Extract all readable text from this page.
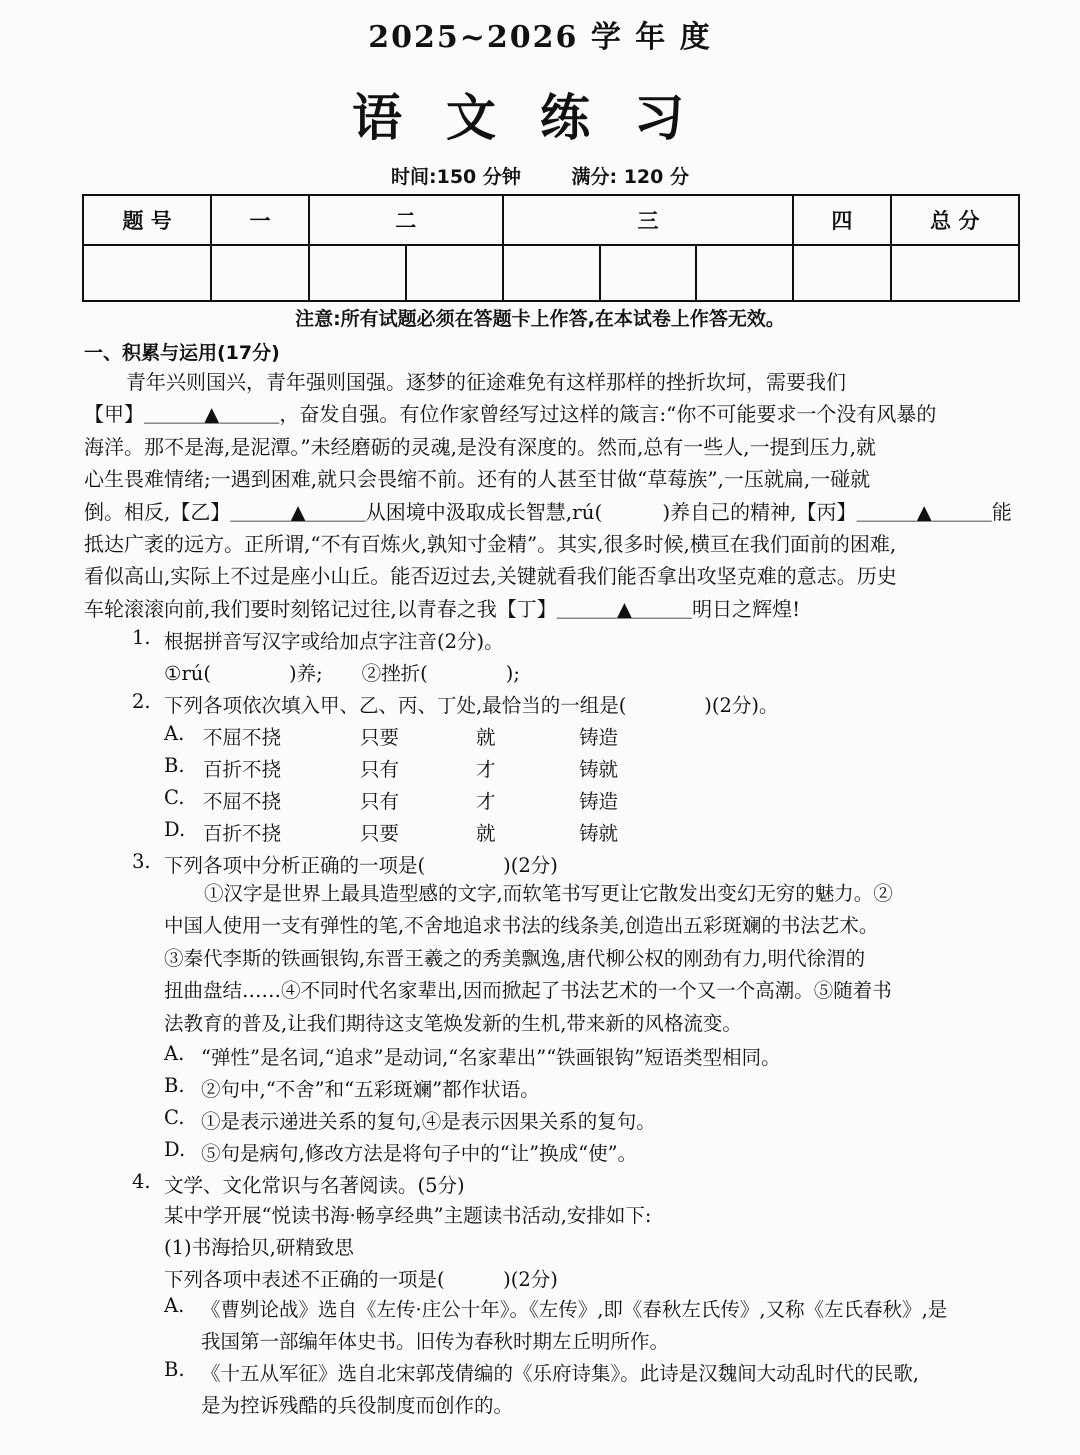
2025~2026 学 年 度
语文练习
时间:150 分钟	满分: 120 分
题 号	一	二		三			四	总 分

注意:所有试题必须在答题卡上作答,在本试卷上作答无效。
一、积累与运用(17分)
青年兴则国兴，青年强则国强。逐梦的征途难免有这样那样的挫折坎坷，需要我们
【甲】＿＿＿▲＿＿＿，奋发自强。有位作家曾经写过这样的箴言:“你不可能要求一个没有风暴的
海洋。那不是海,是泥潭。”未经磨砺的灵魂,是没有深度的。然而,总有一些人,一提到压力,就
心生畏难情绪;一遇到困难,就只会畏缩不前。还有的人甚至甘做“草莓族”,一压就扁,一碰就
倒。相反,【乙】＿＿＿▲＿＿＿从困境中汲取成长智慧,rú(　　　)养自己的精神,【丙】＿＿＿▲＿＿＿能
抵达广袤的远方。正所谓,“不有百炼火,孰知寸金精”。其实,很多时候,横亘在我们面前的困难,
看似高山,实际上不过是座小山丘。能否迈过去,关键就看我们能否拿出攻坚克难的意志。历史
车轮滚滚向前,我们要时刻铭记过往,以青春之我【丁】＿＿＿▲＿＿＿明日之辉煌!
1. 根据拼音写汉字或给加点字注音(2分)。
①rú(　　　　)养;　　②挫折(　　　　);
2. 下列各项依次填入甲、乙、丙、丁处,最恰当的一组是(　　　　)(2分)。
A. 不屈不挠	只要	就	铸造
B. 百折不挠	只有	才	铸就
C. 不屈不挠	只有	才	铸造
D. 百折不挠	只要	就	铸就
3. 下列各项中分析正确的一项是(　　　　)(2分)
①汉字是世界上最具造型感的文字,而软笔书写更让它散发出变幻无穷的魅力。②
中国人使用一支有弹性的笔,不舍地追求书法的线条美,创造出五彩斑斓的书法艺术。
③秦代李斯的铁画银钩,东晋王羲之的秀美飘逸,唐代柳公权的刚劲有力,明代徐渭的
扭曲盘结……④不同时代名家辈出,因而掀起了书法艺术的一个又一个高潮。⑤随着书
法教育的普及,让我们期待这支笔焕发新的生机,带来新的风格流变。
A. “弹性”是名词,“追求”是动词,“名家辈出”“铁画银钩”短语类型相同。
B. ②句中,“不舍”和“五彩斑斓”都作状语。
C. ①是表示递进关系的复句,④是表示因果关系的复句。
D. ⑤句是病句,修改方法是将句子中的“让”换成“使”。
4. 文学、文化常识与名著阅读。(5分)
某中学开展“悦读书海·畅享经典”主题读书活动,安排如下:
(1)书海拾贝,研精致思
下列各项中表述不正确的一项是(　　　)(2分)
A. 《曹刿论战》选自《左传·庄公十年》。《左传》,即《春秋左氏传》,又称《左氏春秋》,是
我国第一部编年体史书。旧传为春秋时期左丘明所作。
B. 《十五从军征》选自北宋郭茂倩编的《乐府诗集》。此诗是汉魏间大动乱时代的民歌,
是为控诉残酷的兵役制度而创作的。
